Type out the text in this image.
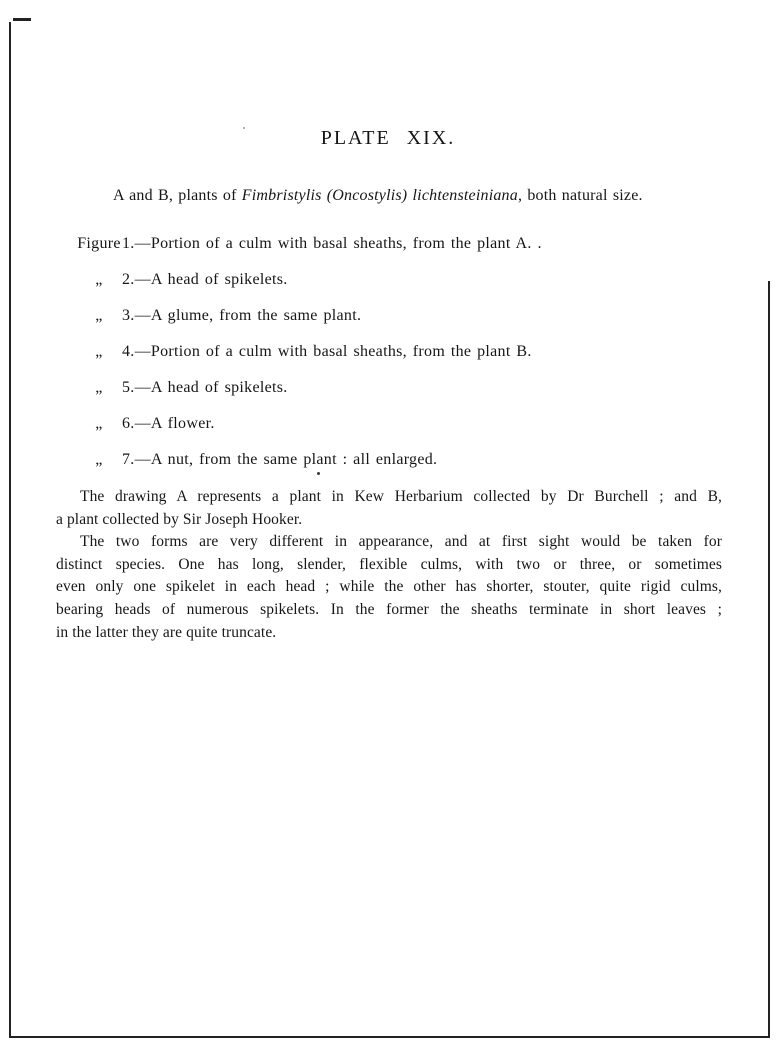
PLATE XIX.
A and B, plants of Fimbristylis (Oncostylis) lichtensteiniana, both natural size.
Figure1.—Portion of a culm with basal sheaths, from the plant A. .
„ 2.—A head of spikelets.
„ 3.—A glume, from the same plant.
„ 4.—Portion of a culm with basal sheaths, from the plant B.
„ 5.—A head of spikelets.
„ 6.—A flower.
„ 7.—A nut, from the same plant : all enlarged.
The drawing A represents a plant in Kew Herbarium collected by Dr Burchell ; and B,
a plant collected by Sir Joseph Hooker.
The two forms are very different in appearance, and at first sight would be taken for
distinct species. One has long, slender, flexible culms, with two or three, or sometimes
even only one spikelet in each head ; while the other has shorter, stouter, quite rigid culms,
bearing heads of numerous spikelets. In the former the sheaths terminate in short leaves ;
in the latter they are quite truncate.
